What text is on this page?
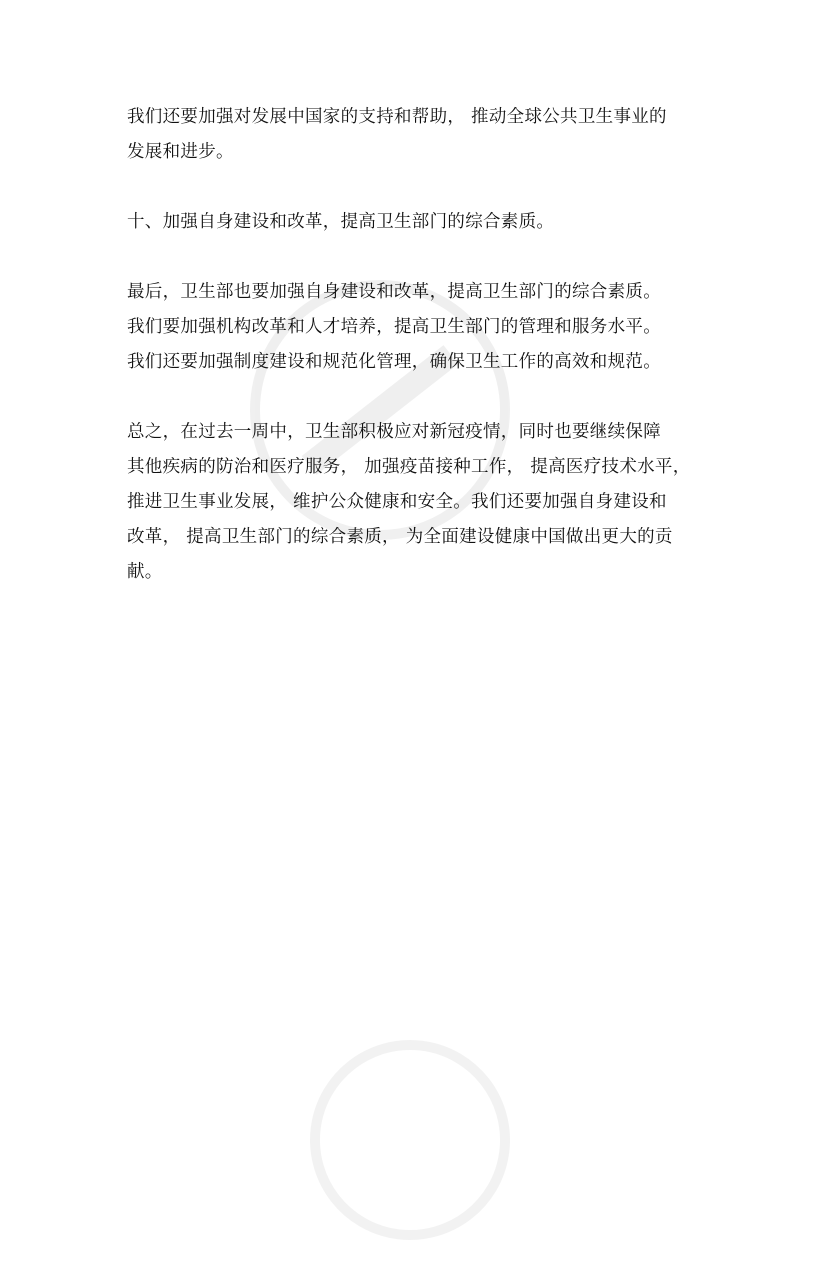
我们还要加强对发展中国家的支持和帮助， 推动全球公共卫生事业的
发展和进步。

十、加强自身建设和改革，提高卫生部门的综合素质。

最后，卫生部也要加强自身建设和改革，提高卫生部门的综合素质。
我们要加强机构改革和人才培养，提高卫生部门的管理和服务水平。
我们还要加强制度建设和规范化管理，确保卫生工作的高效和规范。

总之，在过去一周中，卫生部积极应对新冠疫情，同时也要继续保障
其他疾病的防治和医疗服务， 加强疫苗接种工作， 提高医疗技术水平，
推进卫生事业发展， 维护公众健康和安全。我们还要加强自身建设和
改革， 提高卫生部门的综合素质， 为全面建设健康中国做出更大的贡
献。
